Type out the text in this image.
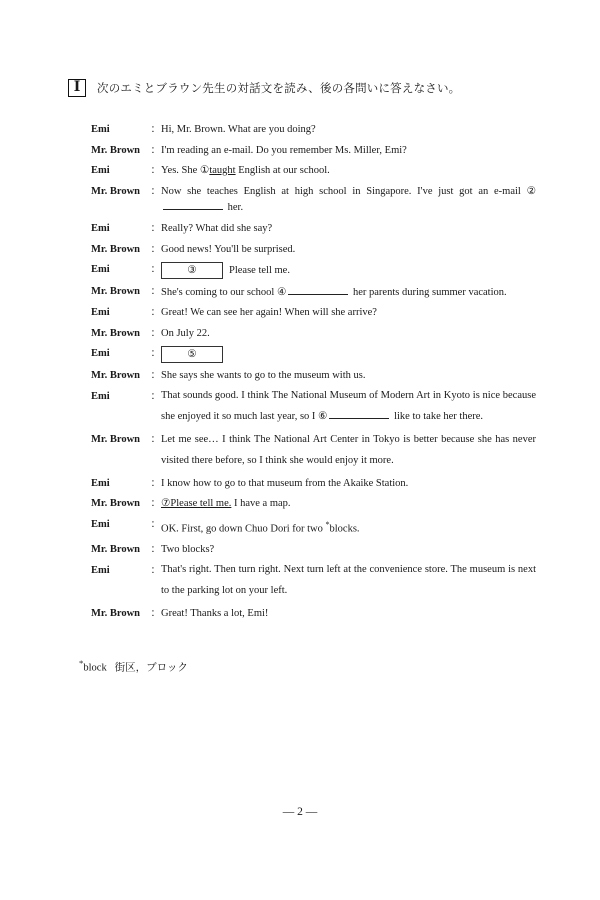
Ⅰ	次のエミとブラウン先生の対話文を読み、後の各問いに答えなさい。
Emi	： Hi, Mr. Brown. What are you doing?
Mr. Brown ： I'm reading an e-mail. Do you remember Ms. Miller, Emi?
Emi	： Yes. She ①taught English at our school.
Mr. Brown ： Now she teaches English at high school in Singapore. I've just got an e-mail ② her.
Emi	： Really? What did she say?
Mr. Brown ： Good news! You'll be surprised.
Emi	：	③	Please tell me.
Mr. Brown ： She's coming to our school ④	her parents during summer vacation.
Emi	： Great! We can see her again! When will she arrive?
Mr. Brown ： On July 22.
Emi	：	⑤
Mr. Brown ： She says she wants to go to the museum with us.
Emi	： That sounds good. I think The National Museum of Modern Art in Kyoto is nice because she enjoyed it so much last year, so I ⑥	like to take her there.
Mr. Brown ： Let me see… I think The National Art Center in Tokyo is better because she has never visited there before, so I think she would enjoy it more.
Emi	： I know how to go to that museum from the Akaike Station.
Mr. Brown ： ⑦Please tell me. I have a map.
Emi	： OK. First, go down Chuo Dori for two *blocks.
Mr. Brown ： Two blocks?
Emi	： That's right. Then turn right. Next turn left at the convenience store. The museum is next to the parking lot on your left.
Mr. Brown ： Great! Thanks a lot, Emi!
*block 街区，ブロック
— 2 —
